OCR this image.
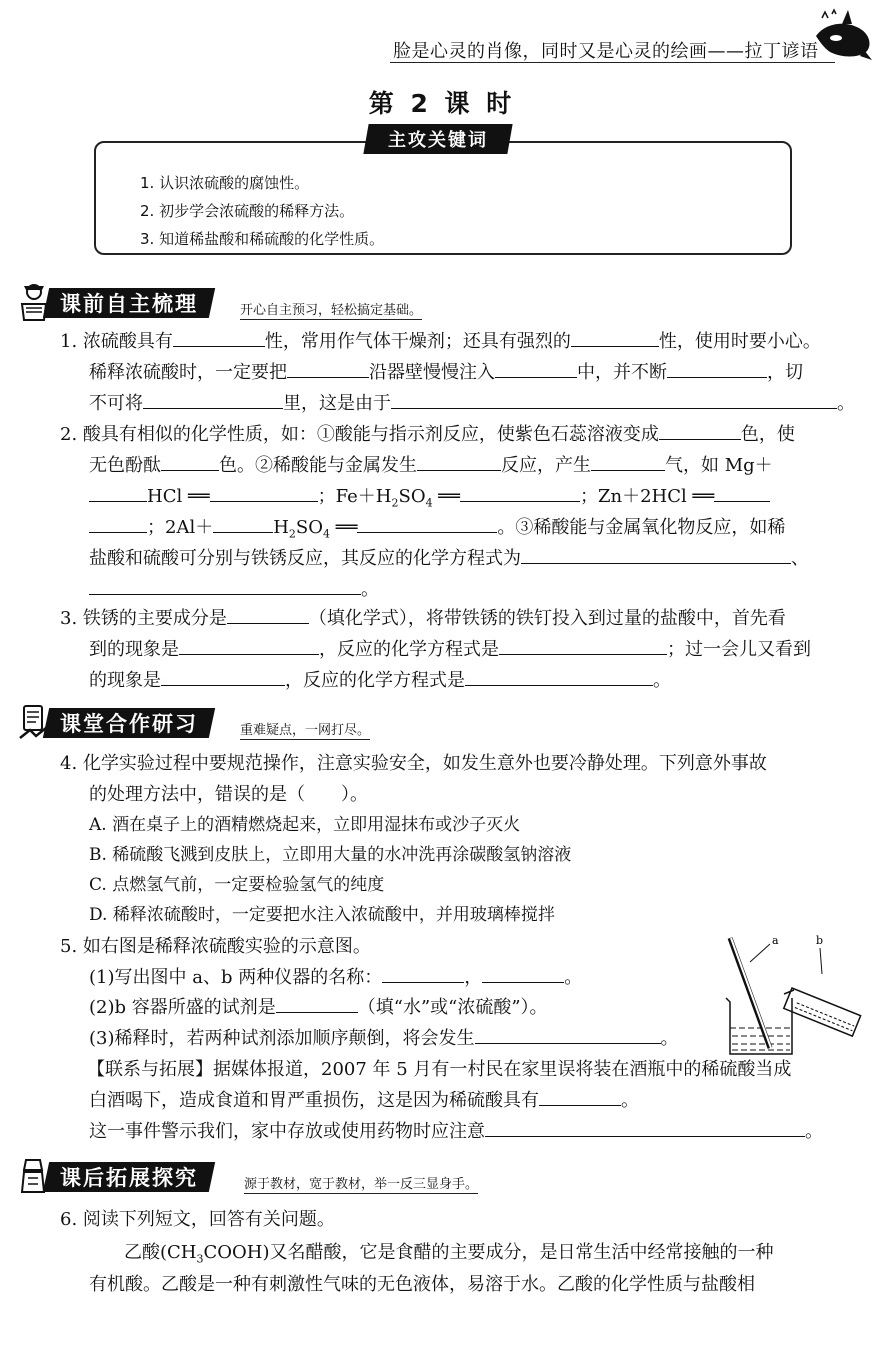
脸是心灵的肖像，同时又是心灵的绘画——拉丁谚语
第 2 课 时
主攻关键词
1. 认识浓硫酸的腐蚀性。
2. 初步学会浓硫酸的稀释方法。
3. 知道稀盐酸和稀硫酸的化学性质。
课前自主梳理	开心自主预习，轻松搞定基础。
1. 浓硫酸具有	性，常用作气体干燥剂；还具有强烈的	性，使用时要小心。
稀释浓硫酸时，一定要把	沿器壁慢慢注入	中，并不断	，切
不可将	里，这是由于	。
2. 酸具有相似的化学性质，如：①酸能与指示剂反应，使紫色石蕊溶液变成	色，使
无色酚酞	色。②稀酸能与金属发生	反应，产生	气，如 Mg＋
HCl ══	；$Fe+H_2SO_4$ ══	；Zn＋2HCl ══
；2Al＋	$H_2SO_4$ ══	。③稀酸能与金属氧化物反应，如稀
盐酸和硫酸可分别与铁锈反应，其反应的化学方程式为	、
。
3. 铁锈的主要成分是	（填化学式），将带铁锈的铁钉投入到过量的盐酸中，首先看
到的现象是	，反应的化学方程式是	；过一会儿又看到
的现象是	，反应的化学方程式是	。
课堂合作研习	重难疑点，一网打尽。
4. 化学实验过程中要规范操作，注意实验安全，如发生意外也要冷静处理。下列意外事故
的处理方法中，错误的是（　　）。
A. 酒在桌子上的酒精燃烧起来，立即用湿抹布或沙子灭火
B. 稀硫酸飞溅到皮肤上，立即用大量的水冲洗再涂碳酸氢钠溶液
C. 点燃氢气前，一定要检验氢气的纯度
D. 稀释浓硫酸时，一定要把水注入浓硫酸中，并用玻璃棒搅拌
5. 如右图是稀释浓硫酸实验的示意图。
(1)写出图中 a、b 两种仪器的名称：	，	。
(2)b 容器所盛的试剂是	（填“水”或“浓硫酸”）。
(3)稀释时，若两种试剂添加顺序颠倒，将会发生	。
a	b
【联系与拓展】据媒体报道，2007 年 5 月有一村民在家里误将装在酒瓶中的稀硫酸当成
白酒喝下，造成食道和胃严重损伤，这是因为稀硫酸具有	。
这一事件警示我们，家中存放或使用药物时应注意	。
课后拓展探究	源于教材，宽于教材，举一反三显身手。
6. 阅读下列短文，回答有关问题。
乙酸$(CH_3COOH)$又名醋酸，它是食醋的主要成分，是日常生活中经常接触的一种
有机酸。乙酸是一种有刺激性气味的无色液体，易溶于水。乙酸的化学性质与盐酸相
